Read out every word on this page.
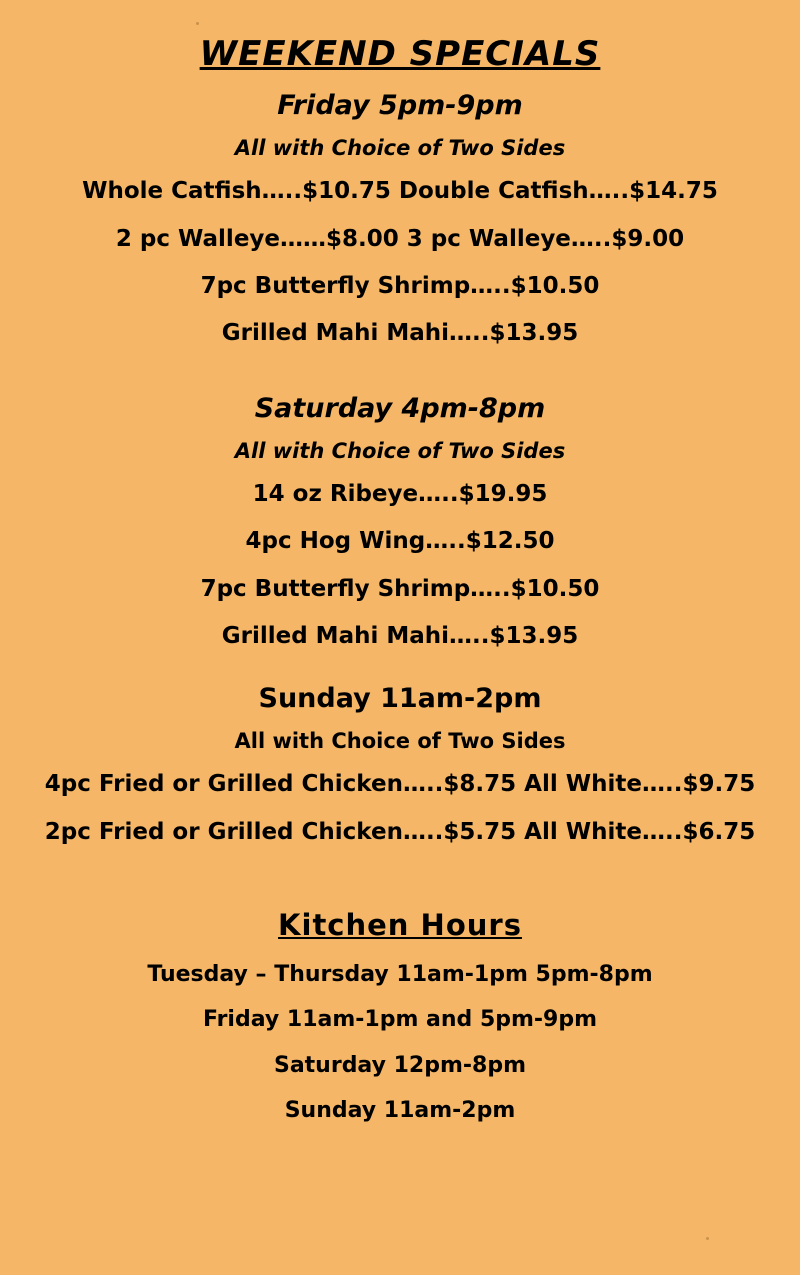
WEEKEND SPECIALS
Friday 5pm-9pm
All with Choice of Two Sides
Whole Catfish…..$10.75 Double Catfish…..$14.75
2 pc Walleye……$8.00 3 pc Walleye…..$9.00
7pc Butterfly Shrimp…..$10.50
Grilled Mahi Mahi…..$13.95
Saturday 4pm-8pm
All with Choice of Two Sides
14 oz Ribeye…..$19.95
4pc Hog Wing…..$12.50
7pc Butterfly Shrimp…..$10.50
Grilled Mahi Mahi…..$13.95
Sunday 11am-2pm
All with Choice of Two Sides
4pc Fried or Grilled Chicken…..$8.75 All White…..$9.75
2pc Fried or Grilled Chicken…..$5.75 All White…..$6.75
Kitchen Hours
Tuesday – Thursday 11am-1pm 5pm-8pm
Friday 11am-1pm and 5pm-9pm
Saturday 12pm-8pm
Sunday 11am-2pm
